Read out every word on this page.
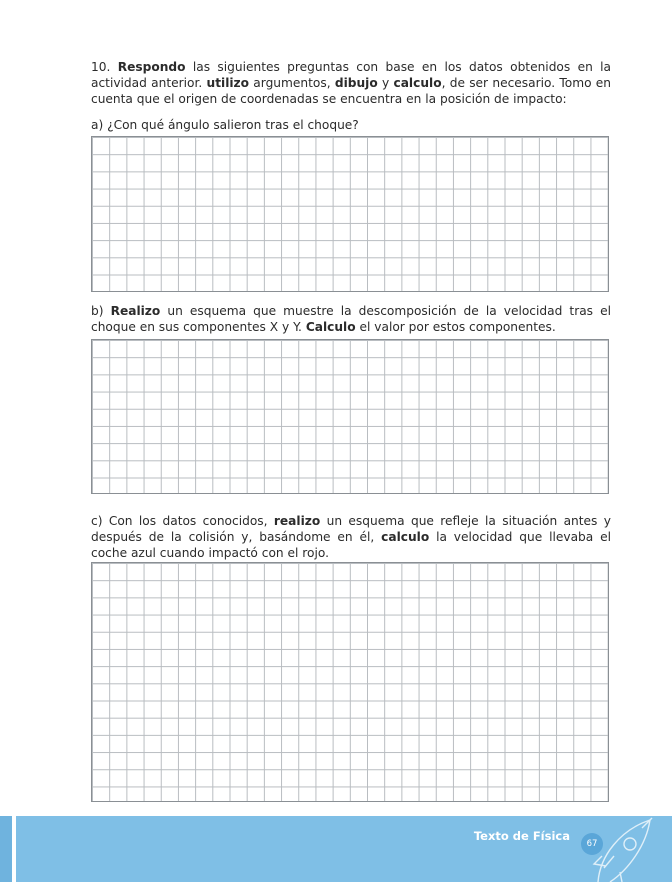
10. Respondo las siguientes preguntas con base en los datos obtenidos en la actividad anterior. utilizo argumentos, dibujo y calculo, de ser necesario. Tomo en cuenta que el origen de coordenadas se encuentra en la posición de impacto:
a) ¿Con qué ángulo salieron tras el choque?
b) Realizo un esquema que muestre la descomposición de la velocidad tras el choque en sus componentes X y Y. Calculo el valor por estos componentes.
c) Con los datos conocidos, realizo un esquema que refleje la situación antes y después de la colisión y, basándome en él, calculo la velocidad que llevaba el coche azul cuando impactó con el rojo.
Texto de Física
67
